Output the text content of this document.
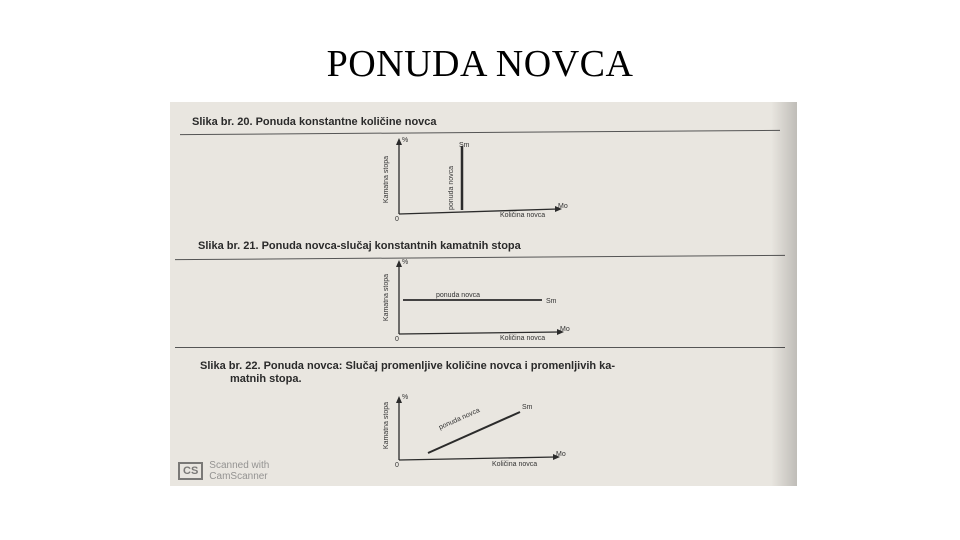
PONUDA NOVCA
Slika br. 20. Ponuda konstantne količine novca
Slika br. 21. Ponuda novca-slučaj konstantnih kamatnih stopa
Slika br. 22. Ponuda novca: Slučaj promenljive količine novca i promenljivih ka-
matnih stopa.
Kamatna stopa
%
0
Količina novca
Mo
Sm
ponuda novca
Kamatna stopa
%
0	Količina novca
Mo
Sm
ponuda novca
Kamatna stopa
%
0	Količina novca
Mo
Sm
ponuda novca
CS	Scanned with
CamScanner
